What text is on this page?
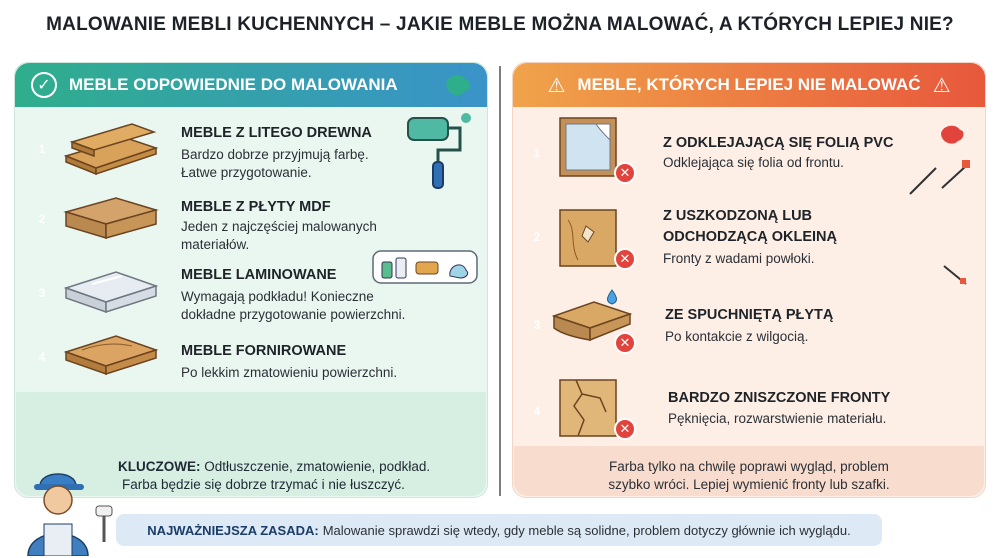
MALOWANIE MEBLI KUCHENNYCH – JAKIE MEBLE MOŻNA MALOWAĆ, A KTÓRYCH LEPIEJ NIE?
✓	MEBLE ODPOWIEDNIE DO MALOWANIA	⚠ MEBLE, KTÓRYCH LEPIEJ NIE MALOWAĆ ⚠
1
MEBLE Z LITEGO DREWNA
Bardzo dobrze przyjmują farbę.
Łatwe przygotowanie.
2
MEBLE Z PŁYTY MDF
Jeden z najczęściej malowanych
materiałów.
3
MEBLE LAMINOWANE
Wymagają podkładu! Konieczne
dokładne przygotowanie powierzchni.
4	MEBLE FORNIROWANE
Po lekkim zmatowieniu powierzchni.
KLUCZOWE: Odtłuszczenie, zmatowienie, podkład.
Farba będzie się dobrze trzymać i nie łuszczyć.
1
✕
Z ODKLEJAJĄCĄ SIĘ FOLIĄ PVC
Odklejająca się folia od frontu.
2
✕
Z USZKODZONĄ LUB
ODCHODZĄCĄ OKLEINĄ
Fronty z wadami powłoki.
3
✕
ZE SPUCHNIĘTĄ PŁYTĄ
Po kontakcie z wilgocią.
4
✕
BARDZO ZNISZCZONE FRONTY
Pęknięcia, rozwarstwienie materiału.
Farba tylko na chwilę poprawi wygląd, problem
szybko wróci. Lepiej wymienić fronty lub szafki.
NAJWAŻNIEJSZA ZASADA: Malowanie sprawdzi się wtedy, gdy meble są solidne, problem dotyczy głównie ich wyglądu.
